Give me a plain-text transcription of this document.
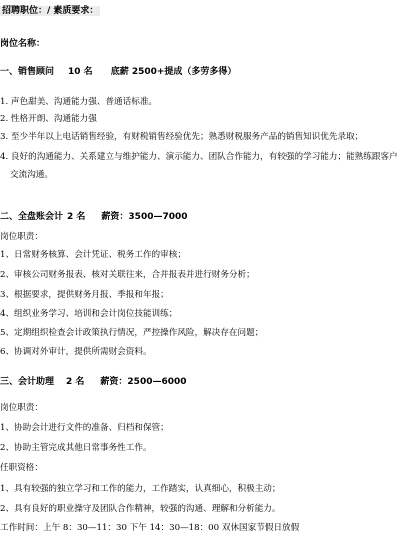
招聘职位：/ 素质要求：
岗位名称：
一、销售顾问 10 名 底薪 2500+提成（多劳多得）
1. 声色甜美、沟通能力强、普通话标准。
2. 性格开朗、沟通能力强
3. 至少半年以上电话销售经验，有财税销售经验优先；熟悉财税服务产品的销售知识优先录取；
4. 良好的沟通能力、关系建立与维护能力、演示能力、团队合作能力，有较强的学习能力；能熟练跟客户
交流沟通。
二、全盘账会计 2 名 薪资：3500—7000
岗位职责：
1、日常财务核算、会计凭证、税务工作的审核；
2、审核公司财务报表、核对关联往来，合并报表并进行财务分析；
3、根据要求，提供财务月报、季报和年报；
4、组织业务学习、培训和会计岗位技能训练；
5、定期组织检查会计政策执行情况，严控操作风险，解决存在问题；
6、协调对外审计，提供所需财会资料。
三、会计助理 2 名 薪资：2500—6000
岗位职责：
1、协助会计进行文件的准备、归档和保管；
2、协助主管完成其他日常事务性工作。
任职资格：
1、具有较强的独立学习和工作的能力，工作踏实，认真细心，积极主动；
2、具有良好的职业操守及团队合作精神，较强的沟通、理解和分析能力。
工作时间：上午 8：30—11：30 下午 14：30—18：00 双休国家节假日放假
